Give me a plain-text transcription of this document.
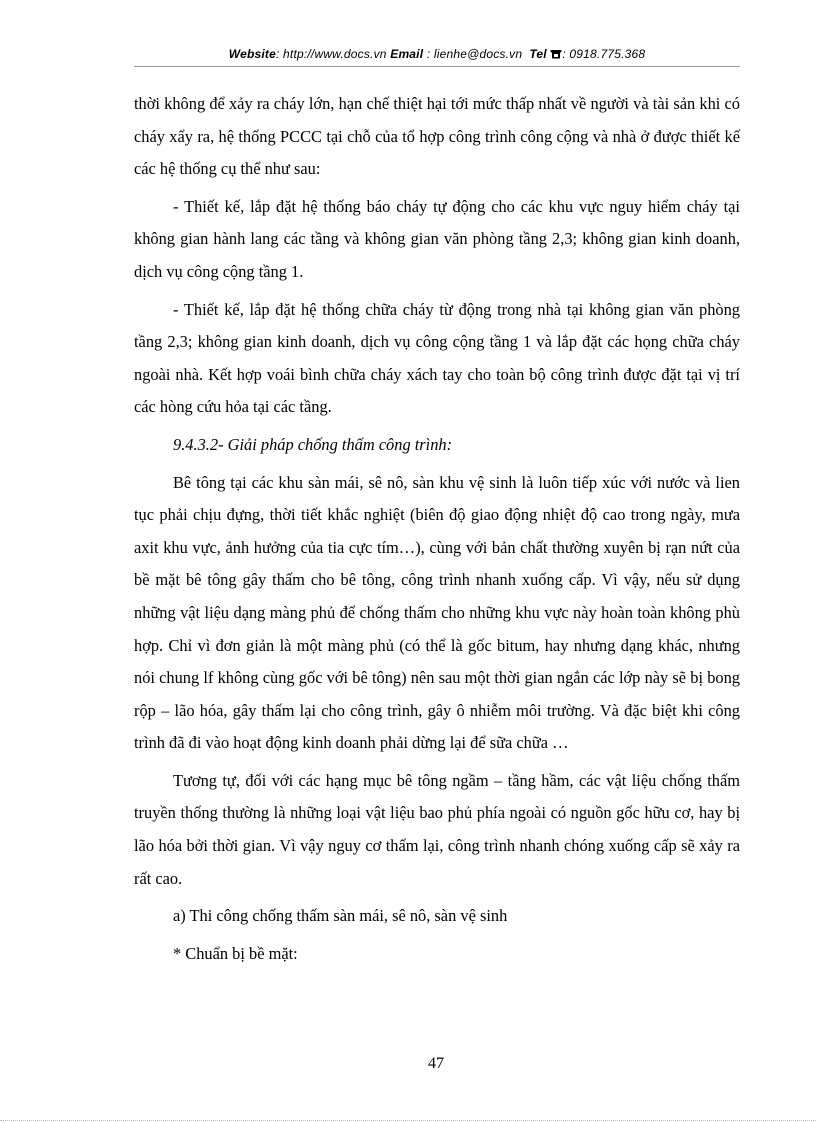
Website: http://www.docs.vn Email : lienhe@docs.vn Tel : 0918.775.368

thời không để xảy ra cháy lớn, hạn chế thiệt hại tới mức thấp nhất về người và tài sản khi có cháy xẩy ra, hệ thống PCCC tại chỗ của tổ hợp công trình công cộng và nhà ở được thiết kế các hệ thống cụ thể như sau:

- Thiết kế, lắp đặt hệ thống báo cháy tự động cho các khu vực nguy hiểm cháy tại không gian hành lang các tầng và không gian văn phòng tầng 2,3; không gian kinh doanh, dịch vụ công cộng tầng 1.

- Thiết kế, lắp đặt hệ thống chữa cháy từ động trong nhà tại không gian văn phòng tầng 2,3; không gian kinh doanh, dịch vụ công cộng tầng 1 và lắp đặt các họng chữa cháy ngoài nhà. Kết hợp voái bình chữa cháy xách tay cho toàn bộ công trình được đặt tại vị trí các hòng cứu hỏa tại các tầng.

9.4.3.2- Giải pháp chống thấm công trình:

Bê tông tại các khu sàn mái, sê nô, sàn khu vệ sinh là luôn tiếp xúc với nước và lien tục phải chịu đựng, thời tiết khắc nghiệt (biên độ giao động nhiệt độ cao trong ngày, mưa axit khu vực, ảnh hưởng của tia cực tím…), cùng với bản chất thường xuyên bị rạn nứt của bề mặt bê tông gây thấm cho bê tông, công trình nhanh xuống cấp. Vì vậy, nếu sử dụng những vật liệu dạng màng phủ để chống thấm cho những khu vực này hoàn toàn không phù hợp. Chỉ vì đơn giản là một màng phủ (có thể là gốc bitum, hay nhưng dạng khác, nhưng nói chung lf không cùng gốc với bê tông) nên sau một thời gian ngắn các lớp này sẽ bị bong rộp – lão hóa, gây thấm lại cho công trình, gây ô nhiễm môi trường. Và đặc biệt khi công trình đã đi vào hoạt động kinh doanh phải dừng lại để sữa chữa …

Tương tự, đối với các hạng mục bê tông ngầm – tầng hầm, các vật liệu chống thấm truyền thống thường là những loại vật liệu bao phủ phía ngoài có nguồn gốc hữu cơ, hay bị lão hóa bởi thời gian. Vì vậy nguy cơ thấm lại, công trình nhanh chóng xuống cấp sẽ xảy ra rất cao.

a) Thi công chống thấm sàn mái, sê nô, sàn vệ sinh

* Chuẩn bị bề mặt:

47
